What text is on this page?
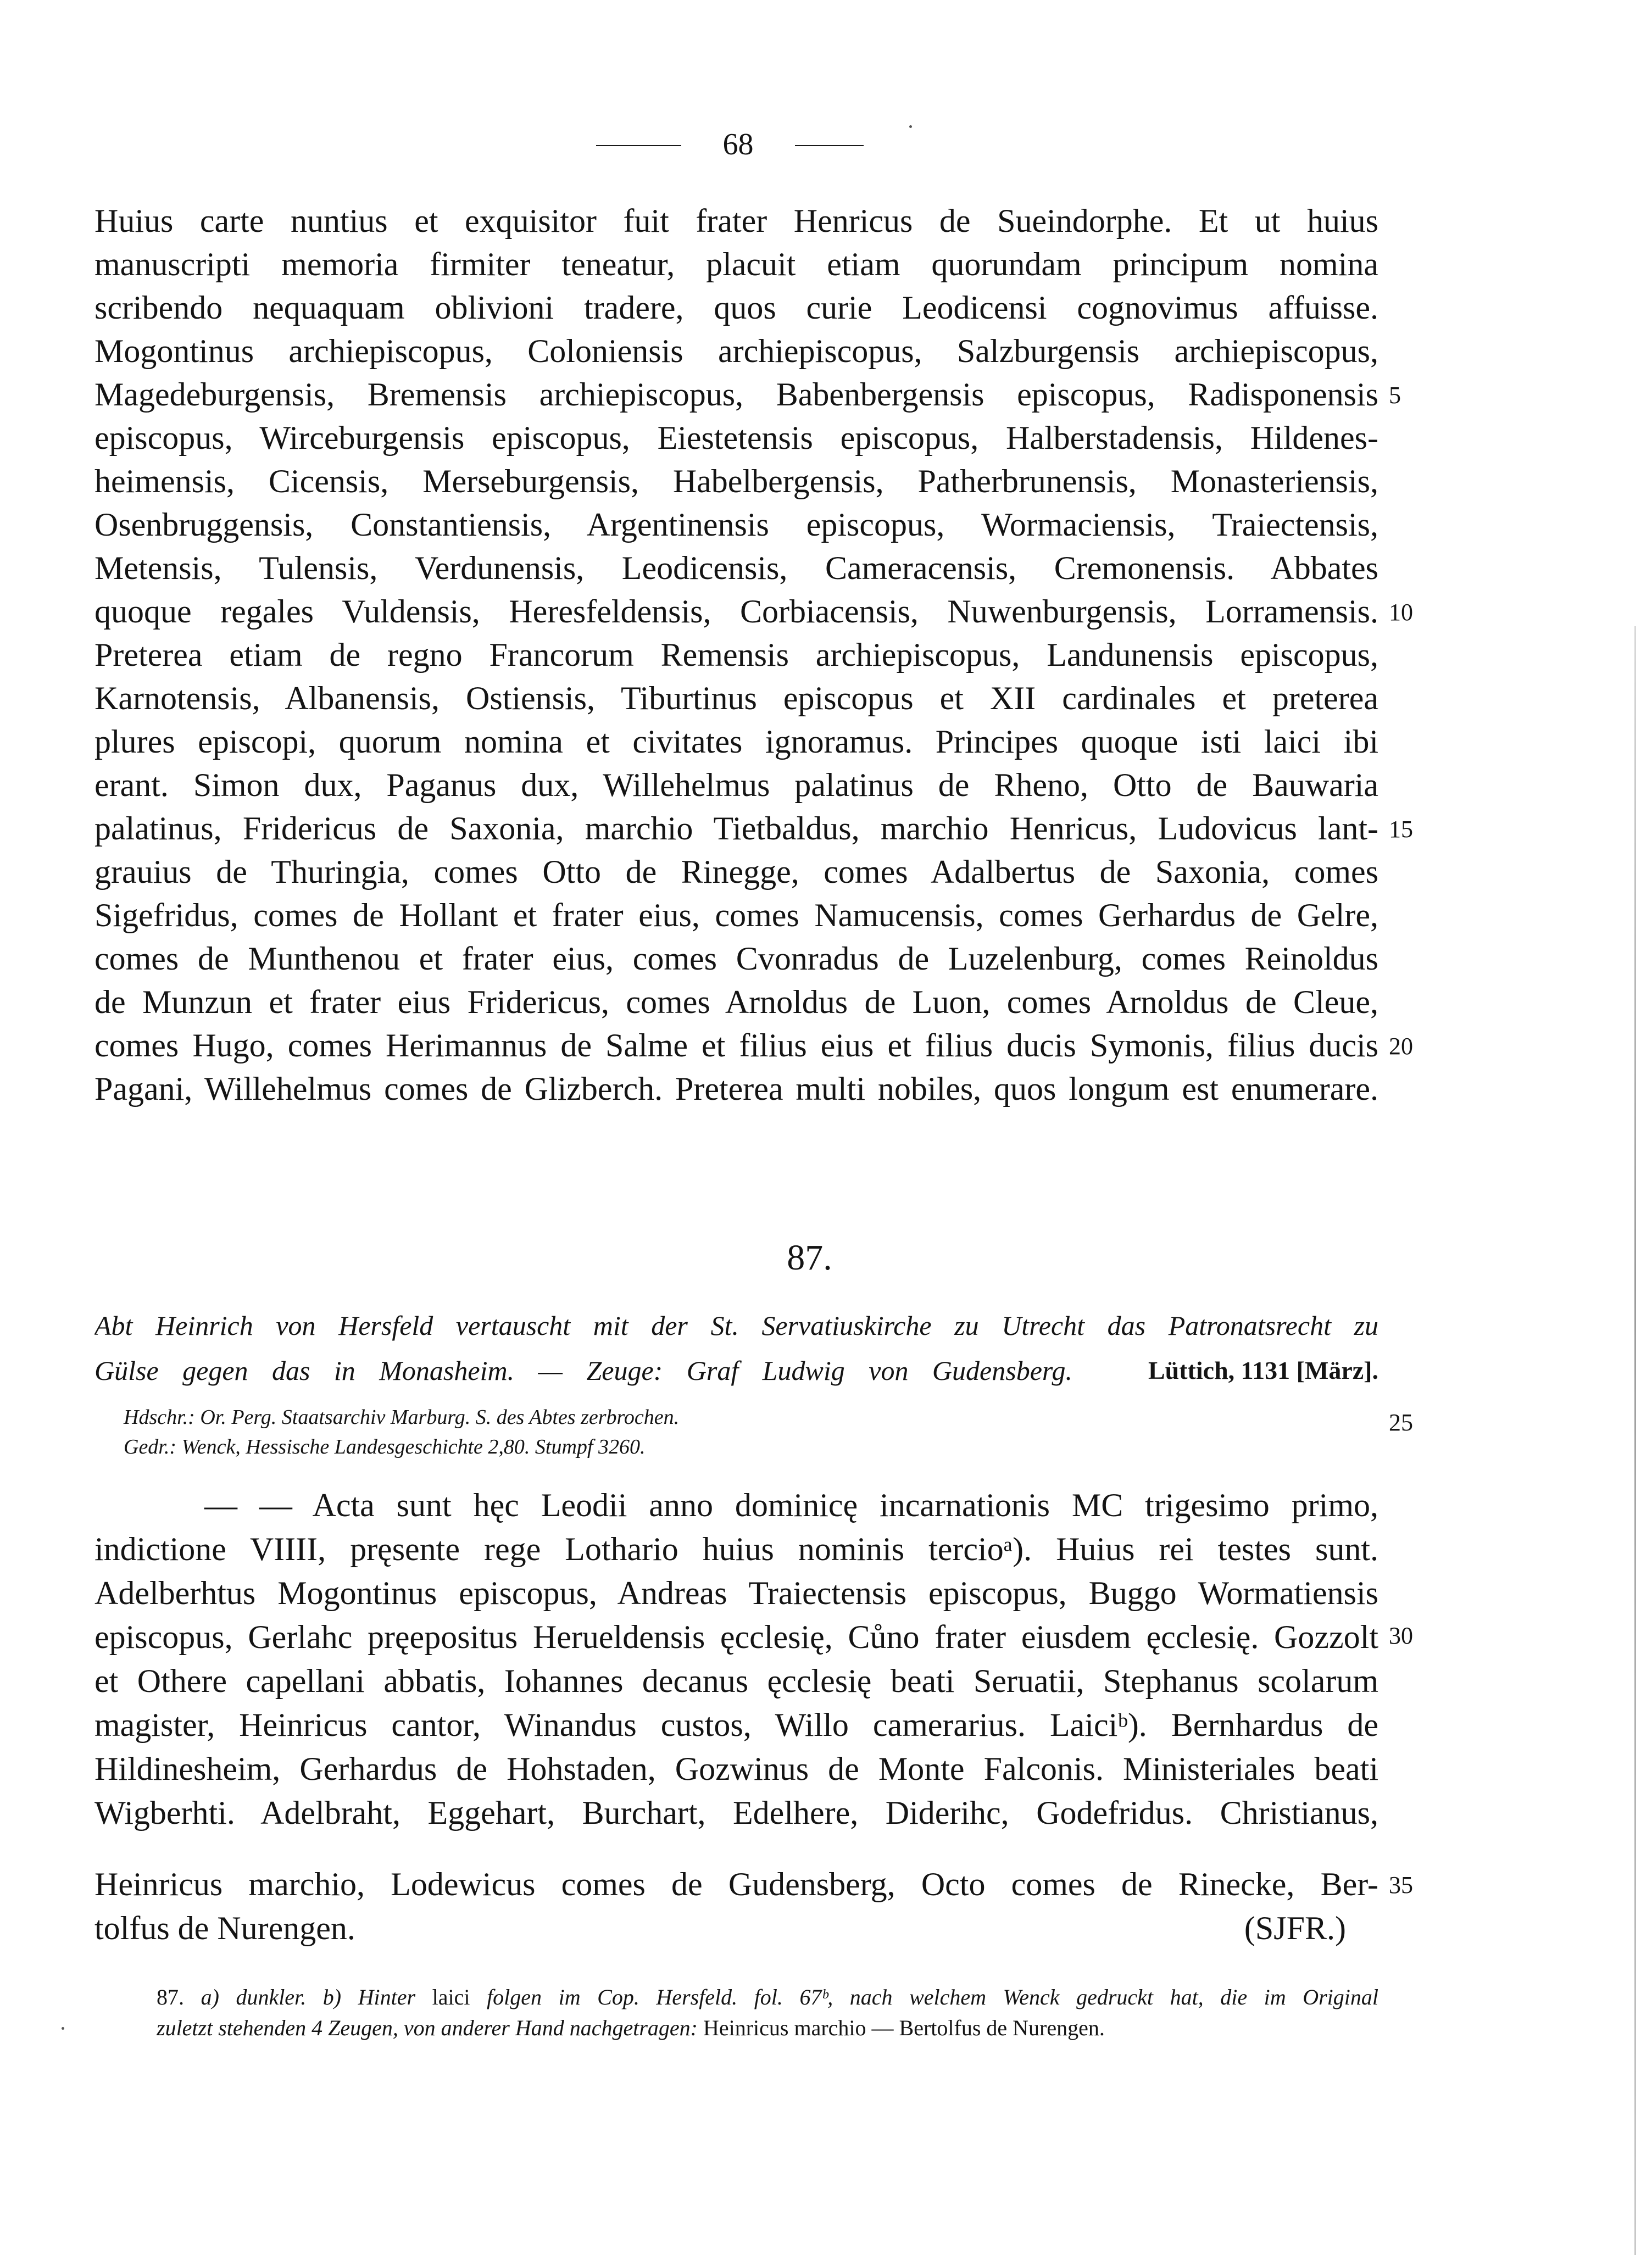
68
Huius carte nuntius et exquisitor fuit frater Henricus de Sueindorphe. Et ut huius
manuscripti memoria firmiter teneatur, placuit etiam quorundam principum nomina
scribendo nequaquam oblivioni tradere, quos curie Leodicensi cognovimus affuisse.
Mogontinus archiepiscopus, Coloniensis archiepiscopus, Salzburgensis archiepiscopus,
Magedeburgensis, Bremensis archiepiscopus, Babenbergensis episcopus, Radisponensis
episcopus, Wirceburgensis episcopus, Eiestetensis episcopus, Halberstadensis, Hildenes-
heimensis, Cicensis, Merseburgensis, Habelbergensis, Patherbrunensis, Monasteriensis,
Osenbruggensis, Constantiensis, Argentinensis episcopus, Wormaciensis, Traiectensis,
Metensis, Tulensis, Verdunensis, Leodicensis, Cameracensis, Cremonensis. Abbates
quoque regales Vuldensis, Heresfeldensis, Corbiacensis, Nuwenburgensis, Lorramensis.
Preterea etiam de regno Francorum Remensis archiepiscopus, Landunensis episcopus,
Karnotensis, Albanensis, Ostiensis, Tiburtinus episcopus et XII cardinales et preterea
plures episcopi, quorum nomina et civitates ignoramus. Principes quoque isti laici ibi
erant. Simon dux, Paganus dux, Willehelmus palatinus de Rheno, Otto de Bauwaria
palatinus, Fridericus de Saxonia, marchio Tietbaldus, marchio Henricus, Ludovicus lant-
grauius de Thuringia, comes Otto de Rinegge, comes Adalbertus de Saxonia, comes
Sigefridus, comes de Hollant et frater eius, comes Namucensis, comes Gerhardus de Gelre,
comes de Munthenou et frater eius, comes Cvonradus de Luzelenburg, comes Reinoldus
de Munzun et frater eius Fridericus, comes Arnoldus de Luon, comes Arnoldus de Cleue,
comes Hugo, comes Herimannus de Salme et filius eius et filius ducis Symonis, filius ducis
Pagani, Willehelmus comes de Glizberch. Preterea multi nobiles, quos longum est enumerare.
5
10
15
20
25
30
35
87.
Abt Heinrich von Hersfeld vertauscht mit der St. Servatiuskirche zu Utrecht das Patronatsrecht zu
Gülse gegen das in Monasheim. — Zeuge: Graf Ludwig von Gudensberg.	Lüttich, 1131 [März].
Hdschr.: Or. Perg. Staatsarchiv Marburg. S. des Abtes zerbrochen.
Gedr.: Wenck, Hessische Landesgeschichte 2,80. Stumpf 3260.
— — Acta sunt hęc Leodii anno dominicę incarnationis MC trigesimo primo,
indictione VIIII, pręsente rege Lothario huius nominis tercioᵃ). Huius rei testes sunt.
Adelberhtus Mogontinus episcopus, Andreas Traiectensis episcopus, Buggo Wormatiensis
episcopus, Gerlahc pręepositus Herueldensis ęcclesię, Cůno frater eiusdem ęcclesię. Gozzolt
et Othere capellani abbatis, Iohannes decanus ęcclesię beati Seruatii, Stephanus scolarum
magister, Heinricus cantor, Winandus custos, Willo camerarius. Laiciᵇ). Bernhardus de
Hildinesheim, Gerhardus de Hohstaden, Gozwinus de Monte Falconis. Ministeriales beati
Wigberhti. Adelbraht, Eggehart, Burchart, Edelhere, Diderihc, Godefridus. Christianus,
Heinricus marchio, Lodewicus comes de Gudensberg, Octo comes de Rinecke, Ber-
tolfus de Nurengen.	(SJFR.)
87. a) dunkler. b) Hinter laici folgen im Cop. Hersfeld. fol. 67ᵇ, nach welchem Wenck gedruckt hat, die im Original
zuletzt stehenden 4 Zeugen, von anderer Hand nachgetragen: Heinricus marchio — Bertolfus de Nurengen.
